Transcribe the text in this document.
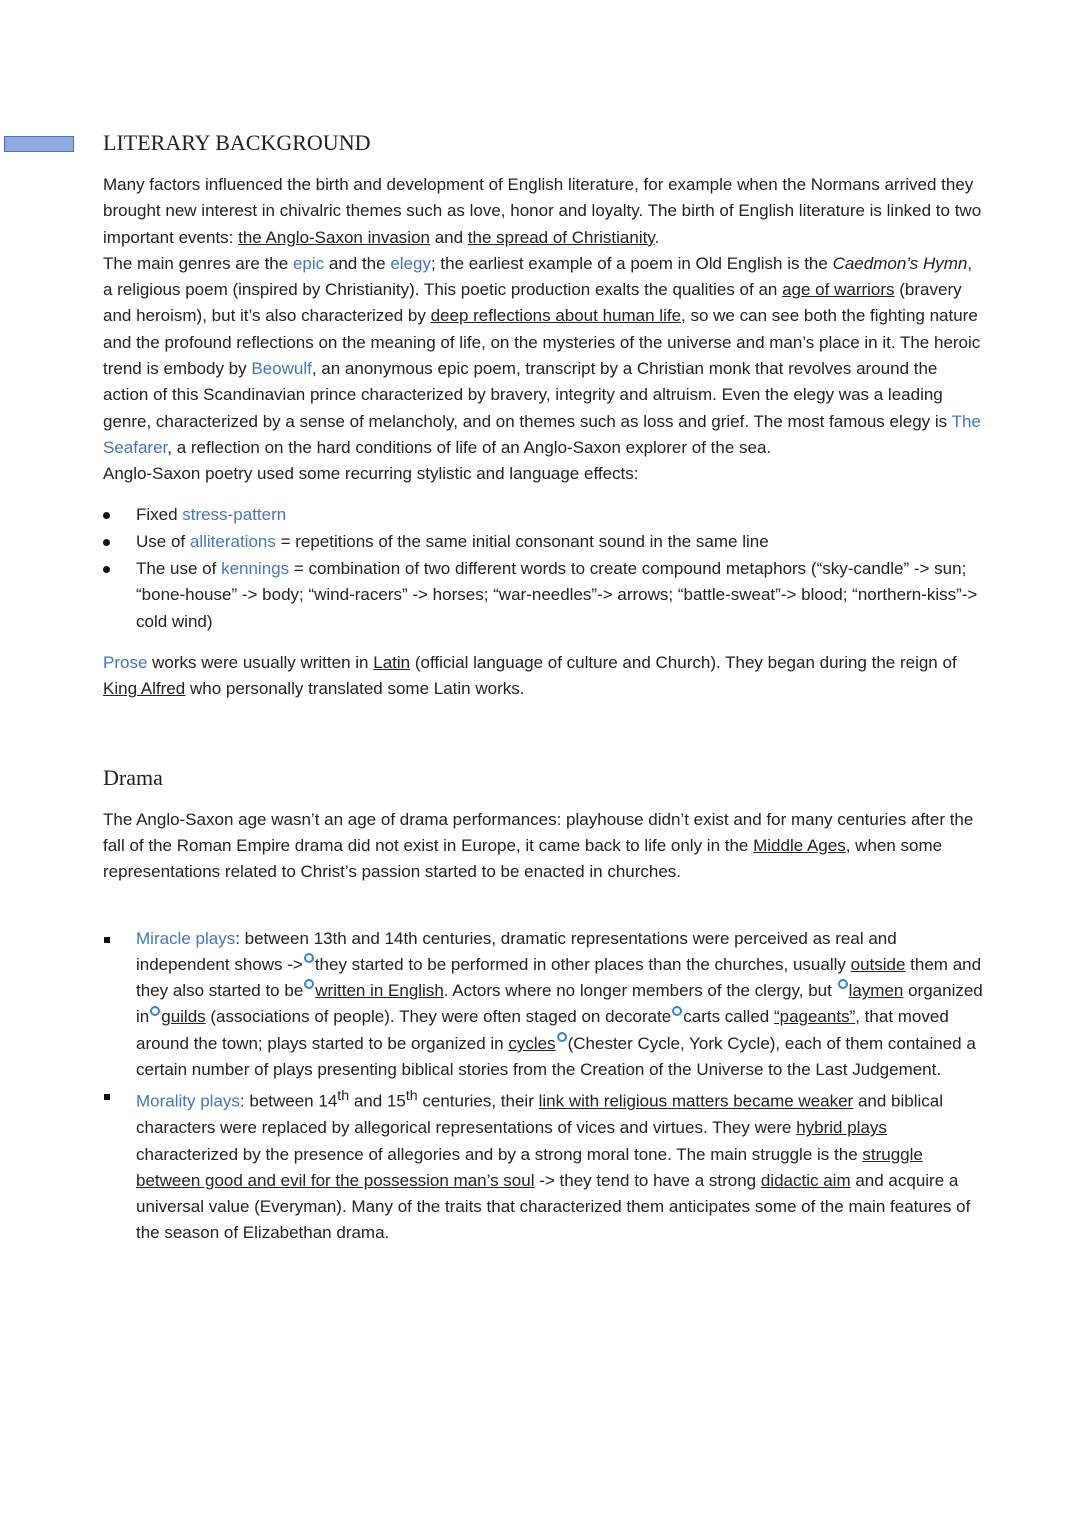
LITERARY BACKGROUND

Many factors influenced the birth and development of English literature, for example when the Normans arrived they brought new interest in chivalric themes such as love, honor and loyalty. The birth of English literature is linked to two important events: the Anglo-Saxon invasion and the spread of Christianity.

The main genres are the epic and the elegy; the earliest example of a poem in Old English is the Caedmon’s Hymn, a religious poem (inspired by Christianity). This poetic production exalts the qualities of an age of warriors (bravery and heroism), but it’s also characterized by deep reflections about human life, so we can see both the fighting nature and the profound reflections on the meaning of life, on the mysteries of the universe and man’s place in it. The heroic trend is embody by Beowulf, an anonymous epic poem, transcript by a Christian monk that revolves around the action of this Scandinavian prince characterized by bravery, integrity and altruism. Even the elegy was a leading genre, characterized by a sense of melancholy, and on themes such as loss and grief. The most famous elegy is The Seafarer, a reflection on the hard conditions of life of an Anglo-Saxon explorer of the sea.

Anglo-Saxon poetry used some recurring stylistic and language effects:

Fixed stress-pattern
Use of alliterations = repetitions of the same initial consonant sound in the same line
The use of kennings = combination of two different words to create compound metaphors (“sky-candle” -> sun; “bone-house” -> body; “wind-racers” -> horses; “war-needles”-> arrows; “battle-sweat”-> blood; “northern-kiss”-> cold wind)

Prose works were usually written in Latin (official language of culture and Church). They began during the reign of King Alfred who personally translated some Latin works.

Drama

The Anglo-Saxon age wasn’t an age of drama performances: playhouse didn’t exist and for many centuries after the fall of the Roman Empire drama did not exist in Europe, it came back to life only in the Middle Ages, when some representations related to Christ’s passion started to be enacted in churches.

Miracle plays: between 13th and 14th centuries, dramatic representations were perceived as real and independent shows -> they started to be performed in other places than the churches, usually outside them and they also started to be written in English. Actors where no longer members of the clergy, but laymen organized in guilds (associations of people). They were often staged on decorate carts called “pageants”, that moved around the town; plays started to be organized in cycles (Chester Cycle, York Cycle), each of them contained a certain number of plays presenting biblical stories from the Creation of the Universe to the Last Judgement.
Morality plays: between 14th and 15th centuries, their link with religious matters became weaker and biblical characters were replaced by allegorical representations of vices and virtues. They were hybrid plays characterized by the presence of allegories and by a strong moral tone. The main struggle is the struggle between good and evil for the possession man’s soul -> they tend to have a strong didactic aim and acquire a universal value (Everyman). Many of the traits that characterized them anticipates some of the main features of the season of Elizabethan drama.
